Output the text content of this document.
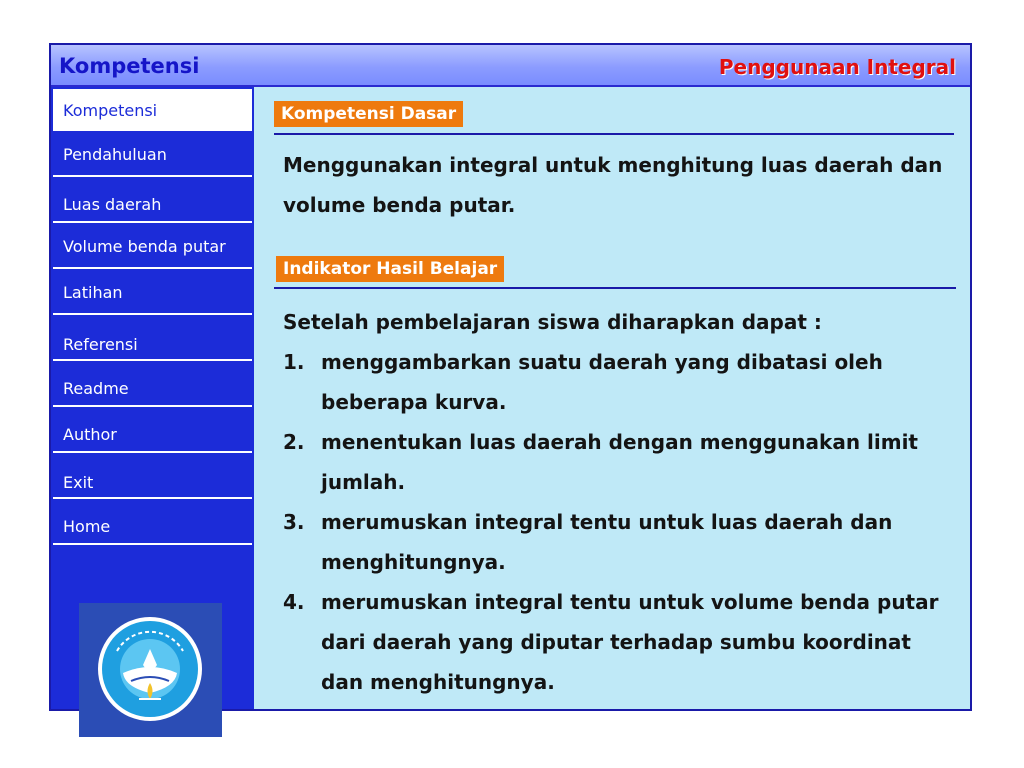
Kompetensi	Penggunaan Integral
Kompetensi
Pendahuluan
Luas daerah
Volume benda putar
Latihan
Referensi
Readme
Author
Exit
Home
Kompetensi Dasar
Menggunakan integral untuk menghitung luas daerah dan volume benda putar.
Indikator Hasil Belajar
Setelah pembelajaran siswa diharapkan dapat :
1. menggambarkan suatu daerah yang dibatasi oleh beberapa kurva.
2. menentukan luas daerah dengan menggunakan limit jumlah.
3. merumuskan integral tentu untuk luas daerah dan menghitungnya.
4. merumuskan integral tentu untuk volume benda putar dari daerah yang diputar terhadap sumbu koordinat dan menghitungnya.
